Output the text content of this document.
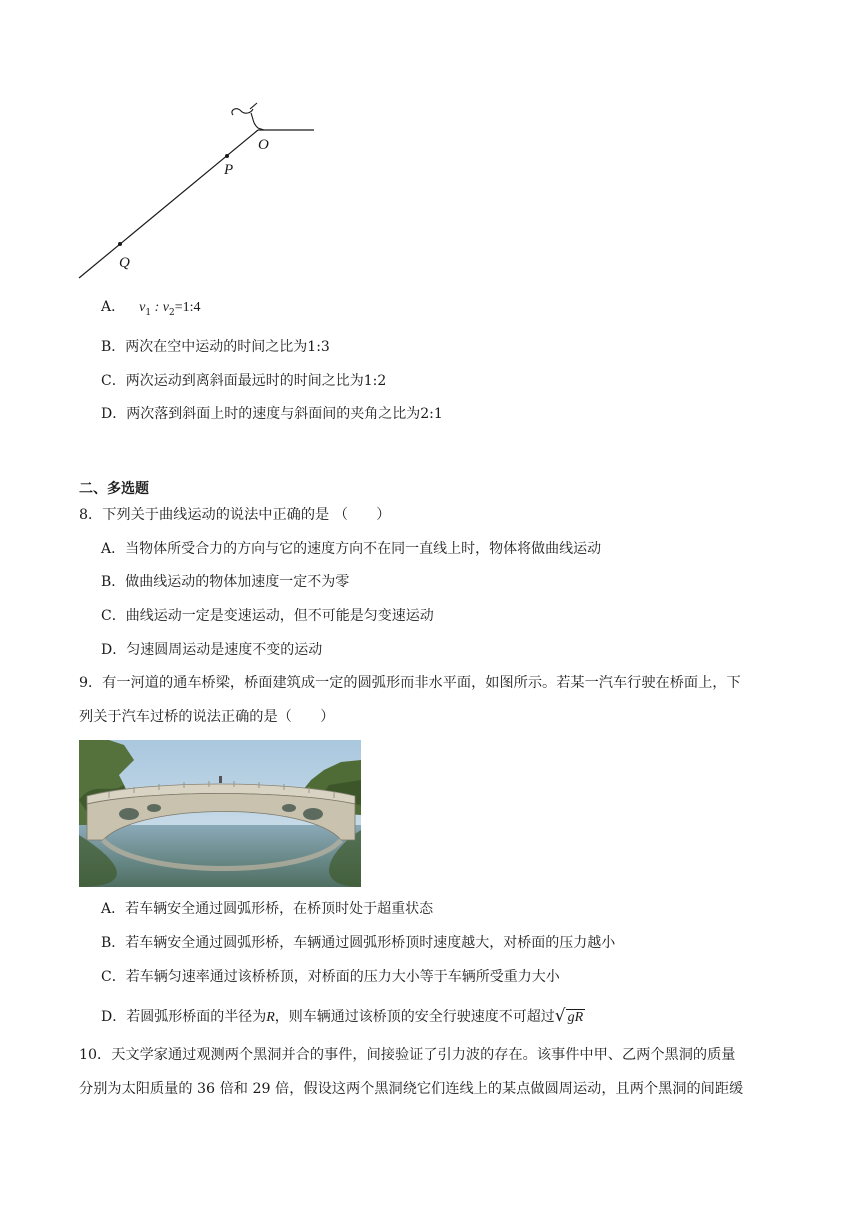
O
P
Q
A． $v_1$ : $v_2=1:4$
B．两次在空中运动的时间之比为1:3
C．两次运动到离斜面最远时的时间之比为1:2
D．两次落到斜面上时的速度与斜面间的夹角之比为2:1
二、多选题
8．下列关于曲线运动的说法中正确的是 （　　）
A．当物体所受合力的方向与它的速度方向不在同一直线上时，物体将做曲线运动
B．做曲线运动的物体加速度一定不为零
C．曲线运动一定是变速运动，但不可能是匀变速运动
D．匀速圆周运动是速度不变的运动
9．有一河道的通车桥梁，桥面建筑成一定的圆弧形而非水平面，如图所示。若某一汽车行驶在桥面上，下
列关于汽车过桥的说法正确的是（　　）
A．若车辆安全通过圆弧形桥，在桥顶时处于超重状态
B．若车辆安全通过圆弧形桥，车辆通过圆弧形桥顶时速度越大，对桥面的压力越小
C．若车辆匀速率通过该桥桥顶，对桥面的压力大小等于车辆所受重力大小
D．若圆弧形桥面的半径为R，则车辆通过该桥顶的安全行驶速度不可超过√ gR
10．天文学家通过观测两个黑洞并合的事件，间接验证了引力波的存在。该事件中甲、乙两个黑洞的质量
分别为太阳质量的 36 倍和 29 倍，假设这两个黑洞绕它们连线上的某点做圆周运动，且两个黑洞的间距缓
